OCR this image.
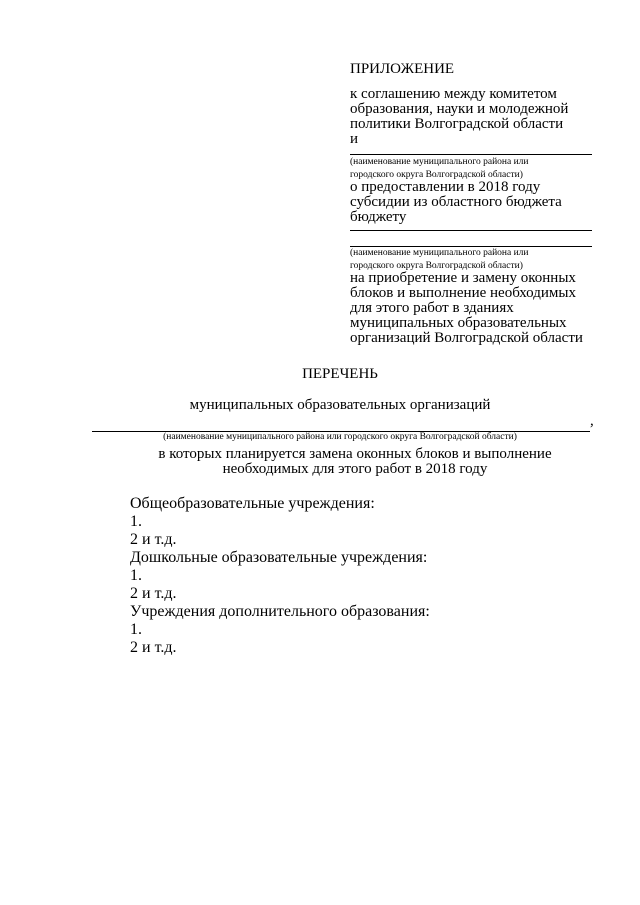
ПРИЛОЖЕНИЕ
к соглашению между комитетом
образования, науки и молодежной
политики Волгоградской области
и
(наименование муниципального района или
городского округа Волгоградской области)
о предоставлении в 2018 году
субсидии из областного бюджета
бюджету
(наименование муниципального района или
городского округа Волгоградской области)
на приобретение и замену оконных
блоков и выполнение необходимых
для этого работ в зданиях
муниципальных образовательных
организаций Волгоградской области
ПЕРЕЧЕНЬ
муниципальных образовательных организаций
,
(наименование муниципального района или городского округа Волгоградской области)
в которых планируется замена оконных блоков и выполнение
необходимых для этого работ в 2018 году
Общеобразовательные учреждения:
1.
2 и т.д.
Дошкольные образовательные учреждения:
1.
2 и т.д.
Учреждения дополнительного образования:
1.
2 и т.д.
